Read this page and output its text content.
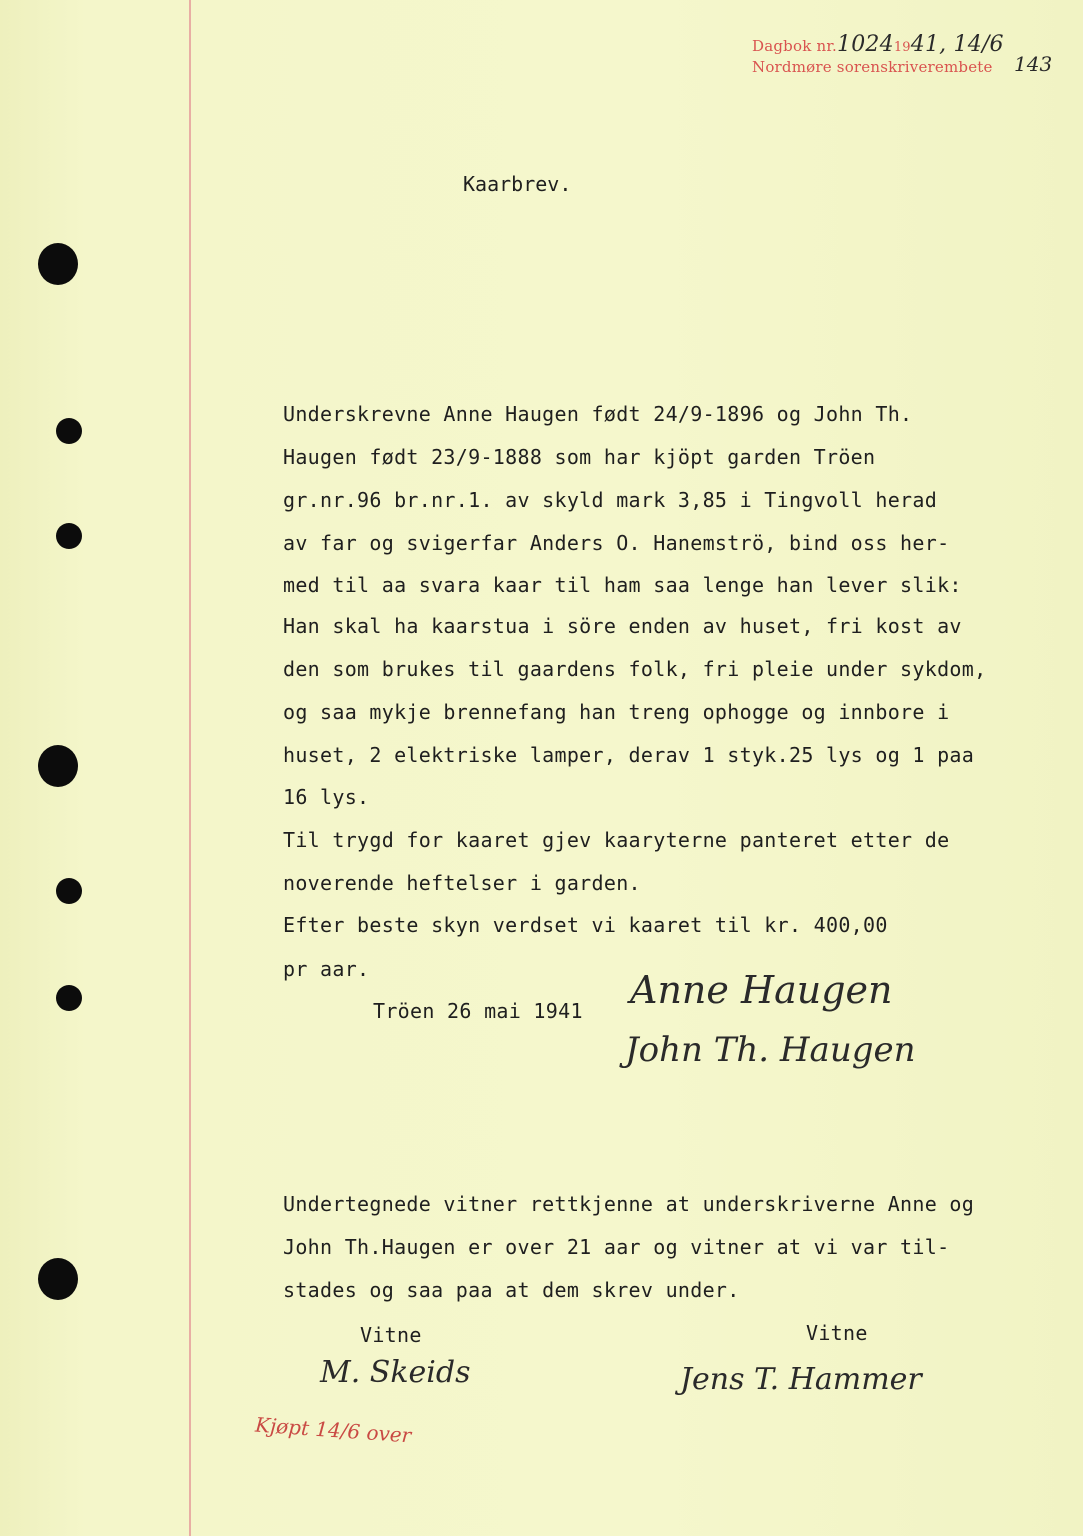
Dagbok nr.10241941, 14/6
Nordmøre sorenskriverembete 143
Kaarbrev.
Underskrevne Anne Haugen født 24/9-1896 og John Th.
Haugen født 23/9-1888 som har kjöpt garden Tröen
gr.nr.96 br.nr.1. av skyld mark 3,85 i Tingvoll herad
av far og svigerfar Anders O. Hanemströ, bind oss her-
med til aa svara kaar til ham saa lenge han lever slik:
Han skal ha kaarstua i söre enden av huset, fri kost av
den som brukes til gaardens folk, fri pleie under sykdom,
og saa mykje brennefang han treng ophogge og innbore i
huset, 2 elektriske lamper, derav 1 styk.25 lys og 1 paa
16 lys.
Til trygd for kaaret gjev kaaryterne panteret etter de
noverende heftelser i garden.
Efter beste skyn verdset vi kaaret til kr. 400,00
pr aar.
Tröen 26 mai 1941 Anne Haugen
John Th. Haugen
Undertegnede vitner rettkjenne at underskriverne Anne og
John Th.Haugen er over 21 aar og vitner at vi var til-
stades og saa paa at dem skrev under.
Vitne	Vitne
M. Skeids	Jens T. Hammer
Kjøpt 14/6 over
